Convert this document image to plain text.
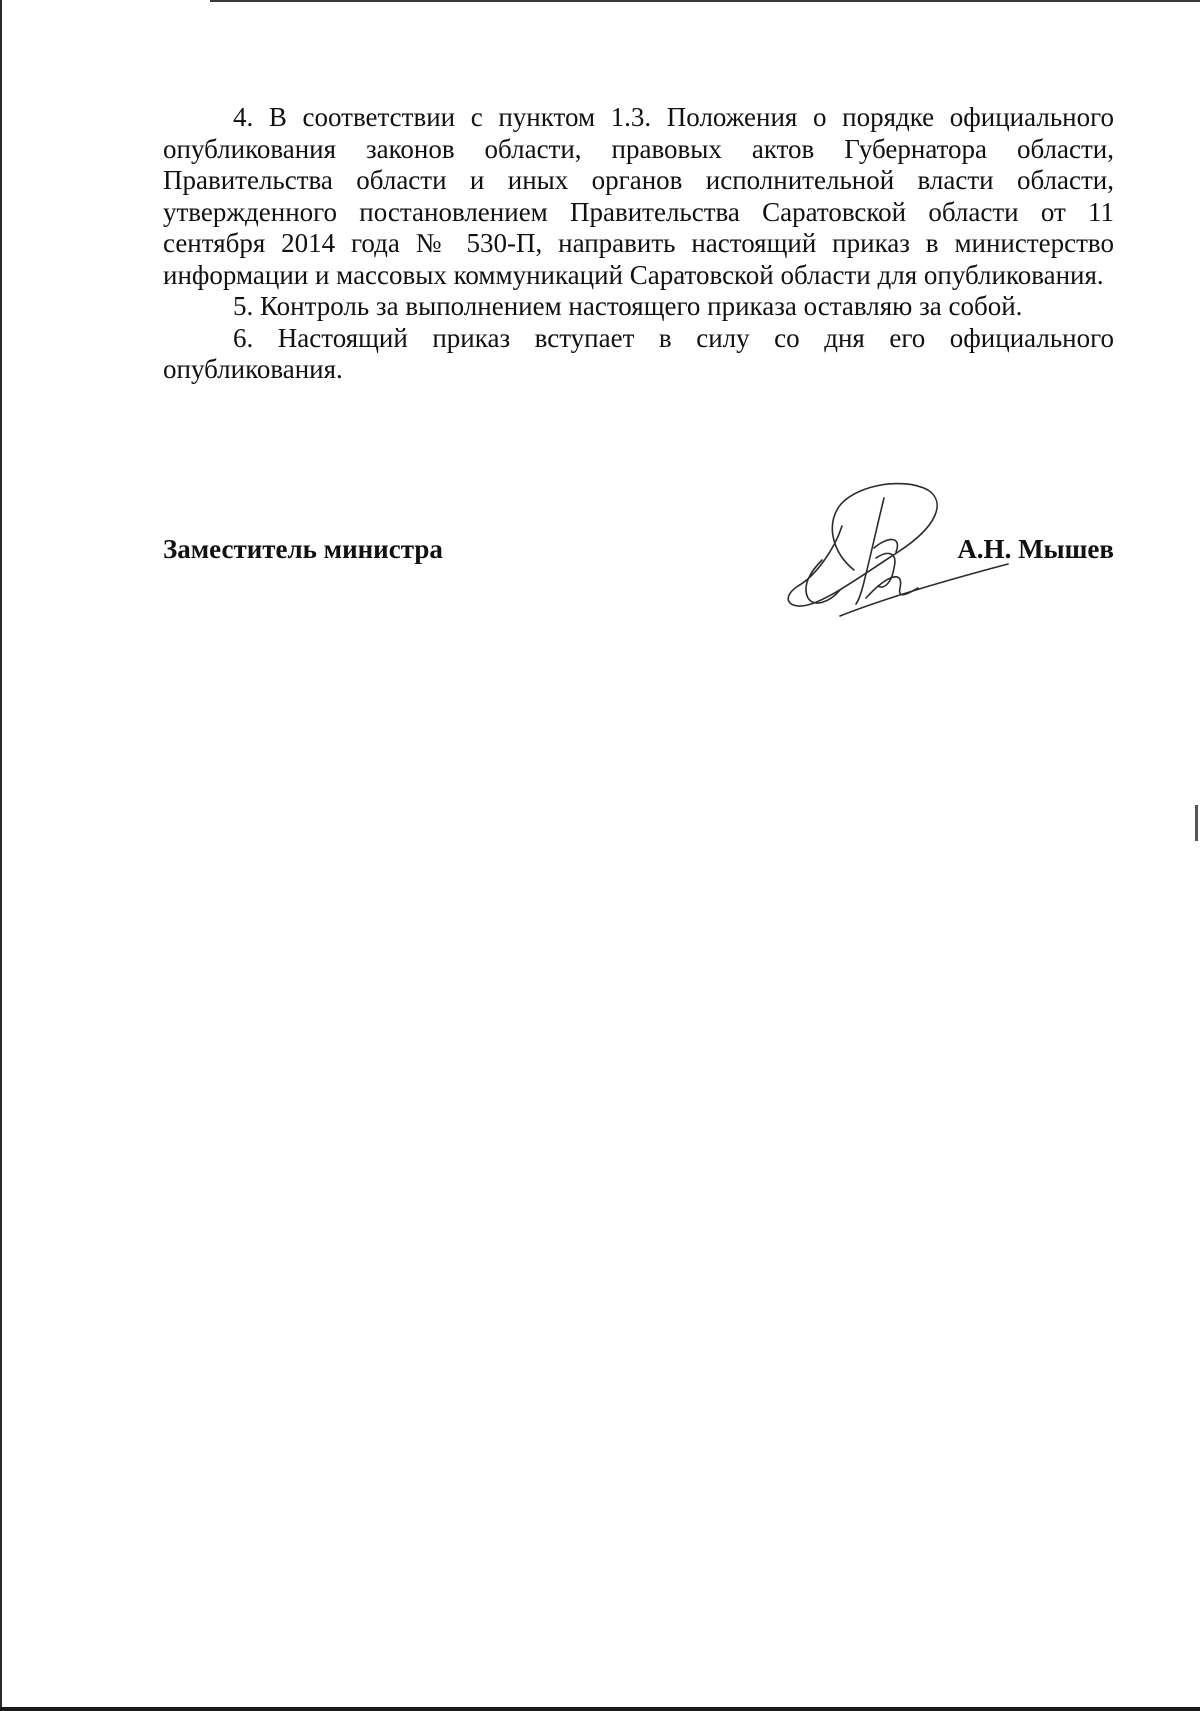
4. В соответствии с пунктом 1.3. Положения о порядке официального опубликования законов области, правовых актов Губернатора области, Правительства области и иных органов исполнительной власти области, утвержденного постановлением Правительства Саратовской области от 11 сентября 2014 года № 530-П, направить настоящий приказ в министерство информации и массовых коммуникаций Саратовской области для опубликования.

5. Контроль за выполнением настоящего приказа оставляю за собой.

6. Настоящий приказ вступает в силу со дня его официального опубликования.

Заместитель министра	А.Н. Мышев
